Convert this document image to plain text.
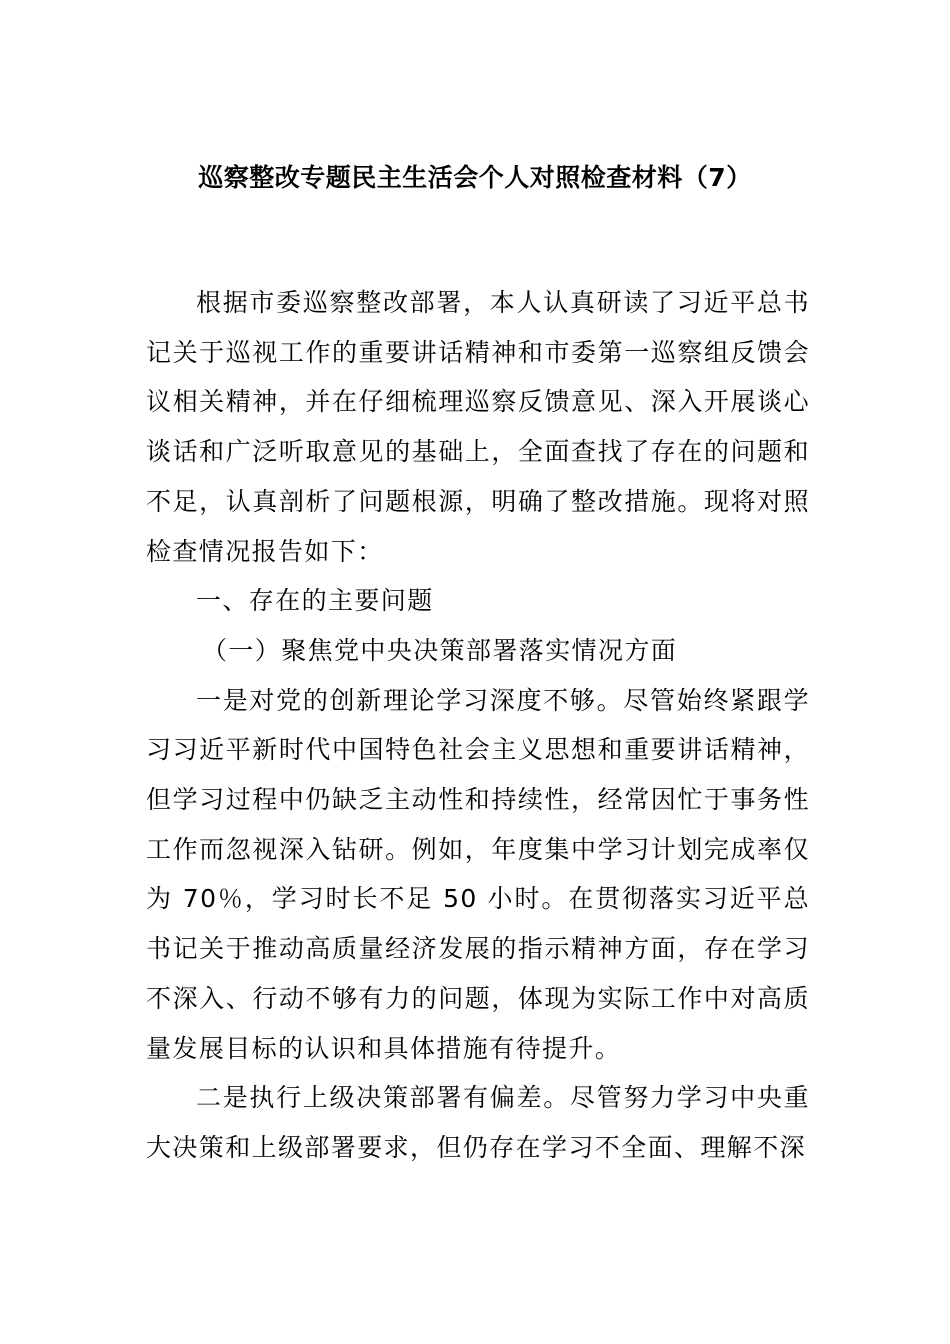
巡察整改专题民主生活会个人对照检查材料（7）

根据市委巡察整改部署，本人认真研读了习近平总书记关于巡视工作的重要讲话精神和市委第一巡察组反馈会议相关精神，并在仔细梳理巡察反馈意见、深入开展谈心谈话和广泛听取意见的基础上，全面查找了存在的问题和不足，认真剖析了问题根源，明确了整改措施。现将对照检查情况报告如下：

一、存在的主要问题

（一）聚焦党中央决策部署落实情况方面

一是对党的创新理论学习深度不够。尽管始终紧跟学习习近平新时代中国特色社会主义思想和重要讲话精神，但学习过程中仍缺乏主动性和持续性，经常因忙于事务性工作而忽视深入钻研。例如，年度集中学习计划完成率仅为 70％，学习时长不足 50 小时。在贯彻落实习近平总书记关于推动高质量经济发展的指示精神方面，存在学习不深入、行动不够有力的问题，体现为实际工作中对高质量发展目标的认识和具体措施有待提升。

二是执行上级决策部署有偏差。尽管努力学习中央重大决策和上级部署要求，但仍存在学习不全面、理解不深
